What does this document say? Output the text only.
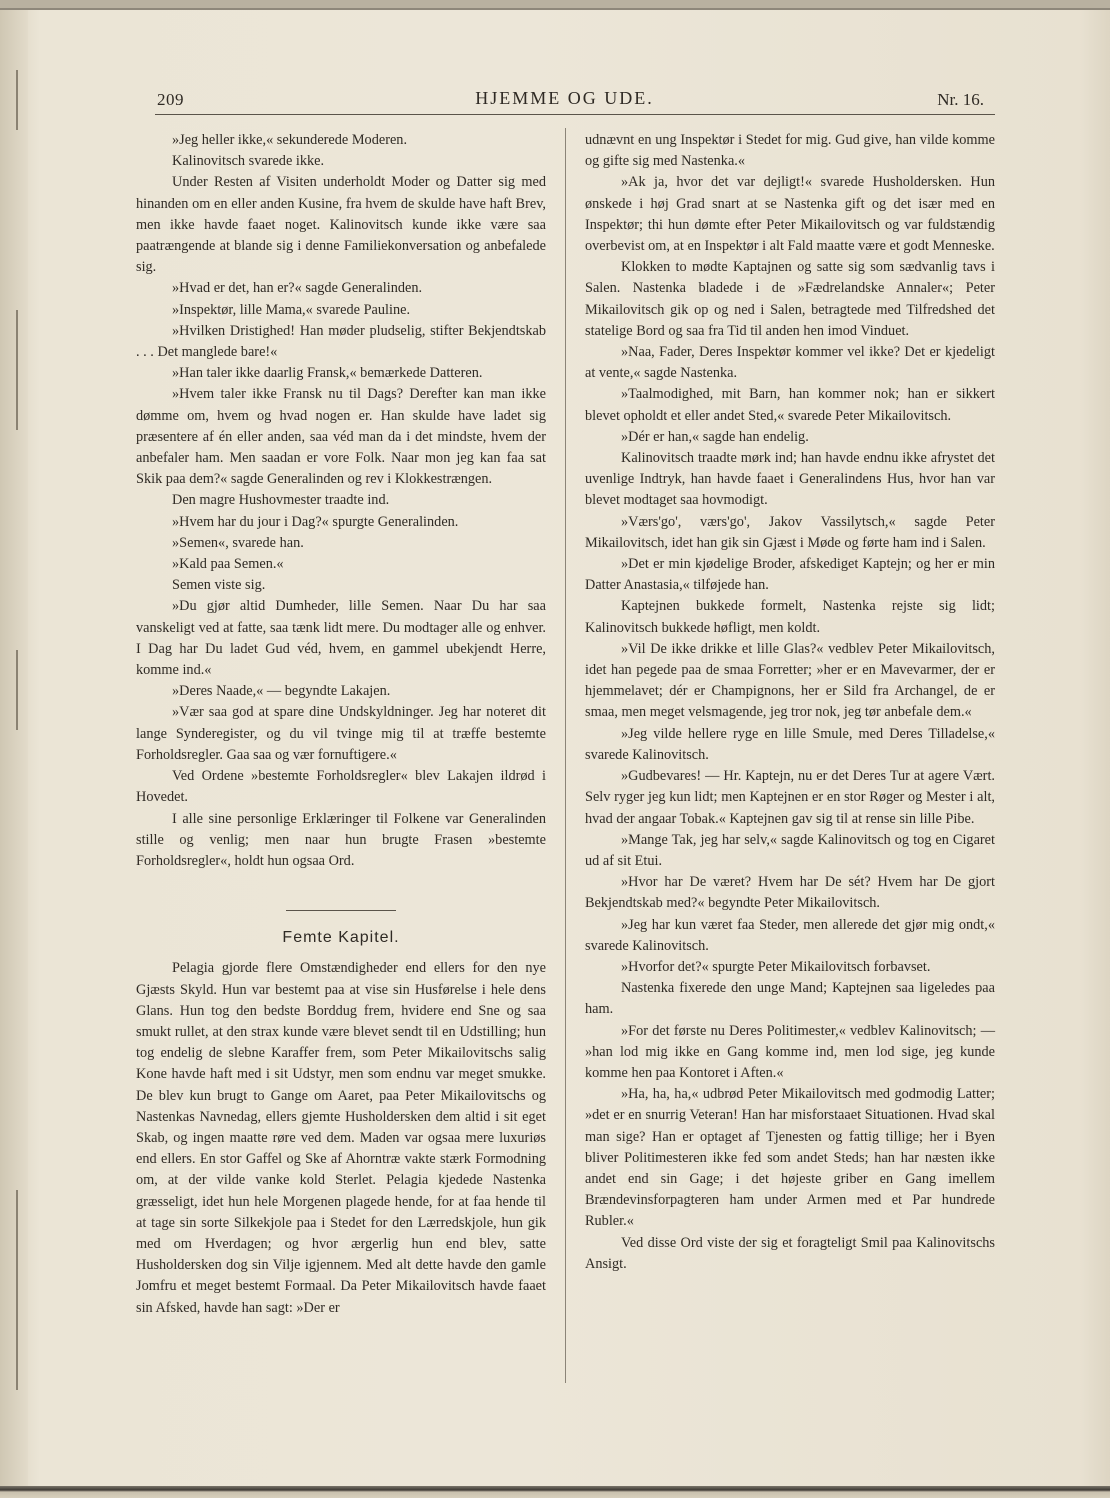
209	HJEMME OG UDE.	Nr. 16.

»Jeg heller ikke,« sekunderede Moderen.

Kalinovitsch svarede ikke.

Under Resten af Visiten underholdt Moder og Datter sig med hinanden om en eller anden Kusine, fra hvem de skulde have haft Brev, men ikke havde faaet noget. Kalinovitsch kunde ikke være saa paatrængende at blande sig i denne Familiekonversation og anbefalede sig.

»Hvad er det, han er?« sagde Generalinden.

»Inspektør, lille Mama,« svarede Pauline.

»Hvilken Dristighed! Han møder pludselig, stifter Bekjendtskab . . . Det manglede bare!«

»Han taler ikke daarlig Fransk,« bemærkede Datteren.

»Hvem taler ikke Fransk nu til Dags? Derefter kan man ikke dømme om, hvem og hvad nogen er. Han skulde have ladet sig præsentere af én eller anden, saa véd man da i det mindste, hvem der anbefaler ham. Men saadan er vore Folk. Naar mon jeg kan faa sat Skik paa dem?« sagde Generalinden og rev i Klokkestrængen.

Den magre Hushovmester traadte ind.

»Hvem har du jour i Dag?« spurgte Generalinden.

»Semen«, svarede han.

»Kald paa Semen.«

Semen viste sig.

»Du gjør altid Dumheder, lille Semen. Naar Du har saa vanskeligt ved at fatte, saa tænk lidt mere. Du modtager alle og enhver. I Dag har Du ladet Gud véd, hvem, en gammel ubekjendt Herre, komme ind.«

»Deres Naade,« — begyndte Lakajen.

»Vær saa god at spare dine Undskyldninger. Jeg har noteret dit lange Synderegister, og du vil tvinge mig til at træffe bestemte Forholdsregler. Gaa saa og vær fornuftigere.«

Ved Ordene »bestemte Forholdsregler« blev Lakajen ildrød i Hovedet.

I alle sine personlige Erklæringer til Folkene var Generalinden stille og venlig; men naar hun brugte Frasen »bestemte Forholdsregler«, holdt hun ogsaa Ord.

Femte Kapitel.

Pelagia gjorde flere Omstændigheder end ellers for den nye Gjæsts Skyld. Hun var bestemt paa at vise sin Husførelse i hele dens Glans. Hun tog den bedste Borddug frem, hvidere end Sne og saa smukt rullet, at den strax kunde være blevet sendt til en Udstilling; hun tog endelig de slebne Karaffer frem, som Peter Mikailovitschs salig Kone havde haft med i sit Udstyr, men som endnu var meget smukke. De blev kun brugt to Gange om Aaret, paa Peter Mikailovitschs og Nastenkas Navnedag, ellers gjemte Husholdersken dem altid i sit eget Skab, og ingen maatte røre ved dem. Maden var ogsaa mere luxuriøs end ellers. En stor Gaffel og Ske af Ahorntræ vakte stærk Formodning om, at der vilde vanke kold Sterlet. Pelagia kjedede Nastenka græsseligt, idet hun hele Morgenen plagede hende, for at faa hende til at tage sin sorte Silkekjole paa i Stedet for den Lærredskjole, hun gik med om Hverdagen; og hvor ærgerlig hun end blev, satte Husholdersken dog sin Vilje igjennem. Med alt dette havde den gamle Jomfru et meget bestemt Formaal. Da Peter Mikailovitsch havde faaet sin Afsked, havde han sagt: »Der er

udnævnt en ung Inspektør i Stedet for mig. Gud give, han vilde komme og gifte sig med Nastenka.«

»Ak ja, hvor det var dejligt!« svarede Husholdersken. Hun ønskede i høj Grad snart at se Nastenka gift og det især med en Inspektør; thi hun dømte efter Peter Mikailovitsch og var fuldstændig overbevist om, at en Inspektør i alt Fald maatte være et godt Menneske.

Klokken to mødte Kaptajnen og satte sig som sædvanlig tavs i Salen. Nastenka bladede i de »Fædrelandske Annaler«; Peter Mikailovitsch gik op og ned i Salen, betragtede med Tilfredshed det statelige Bord og saa fra Tid til anden hen imod Vinduet.

»Naa, Fader, Deres Inspektør kommer vel ikke? Det er kjedeligt at vente,« sagde Nastenka.

»Taalmodighed, mit Barn, han kommer nok; han er sikkert blevet opholdt et eller andet Sted,« svarede Peter Mikailovitsch.

»Dér er han,« sagde han endelig.

Kalinovitsch traadte mørk ind; han havde endnu ikke afrystet det uvenlige Indtryk, han havde faaet i Generalindens Hus, hvor han var blevet modtaget saa hovmodigt.

»Værs'go', værs'go', Jakov Vassilytsch,« sagde Peter Mikailovitsch, idet han gik sin Gjæst i Møde og førte ham ind i Salen.

»Det er min kjødelige Broder, afskediget Kaptejn; og her er min Datter Anastasia,« tilføjede han.

Kaptejnen bukkede formelt, Nastenka rejste sig lidt; Kalinovitsch bukkede høfligt, men koldt.

»Vil De ikke drikke et lille Glas?« vedblev Peter Mikailovitsch, idet han pegede paa de smaa Forretter; »her er en Mavevarmer, der er hjemmelavet; dér er Champignons, her er Sild fra Archangel, de er smaa, men meget velsmagende, jeg tror nok, jeg tør anbefale dem.«

»Jeg vilde hellere ryge en lille Smule, med Deres Tilladelse,« svarede Kalinovitsch.

»Gudbevares! — Hr. Kaptejn, nu er det Deres Tur at agere Vært. Selv ryger jeg kun lidt; men Kaptejnen er en stor Røger og Mester i alt, hvad der angaar Tobak.« Kaptejnen gav sig til at rense sin lille Pibe.

»Mange Tak, jeg har selv,« sagde Kalinovitsch og tog en Cigaret ud af sit Etui.

»Hvor har De været? Hvem har De sét? Hvem har De gjort Bekjendtskab med?« begyndte Peter Mikailovitsch.

»Jeg har kun været faa Steder, men allerede det gjør mig ondt,« svarede Kalinovitsch.

»Hvorfor det?« spurgte Peter Mikailovitsch forbavset.

Nastenka fixerede den unge Mand; Kaptejnen saa ligeledes paa ham.

»For det første nu Deres Politimester,« vedblev Kalinovitsch; — »han lod mig ikke en Gang komme ind, men lod sige, jeg kunde komme hen paa Kontoret i Aften.«

»Ha, ha, ha,« udbrød Peter Mikailovitsch med godmodig Latter; »det er en snurrig Veteran! Han har misforstaaet Situationen. Hvad skal man sige? Han er optaget af Tjenesten og fattig tillige; her i Byen bliver Politimesteren ikke fed som andet Steds; han har næsten ikke andet end sin Gage; i det højeste griber en Gang imellem Brændevinsforpagteren ham under Armen med et Par hundrede Rubler.«

Ved disse Ord viste der sig et foragteligt Smil paa Kalinovitschs Ansigt.
